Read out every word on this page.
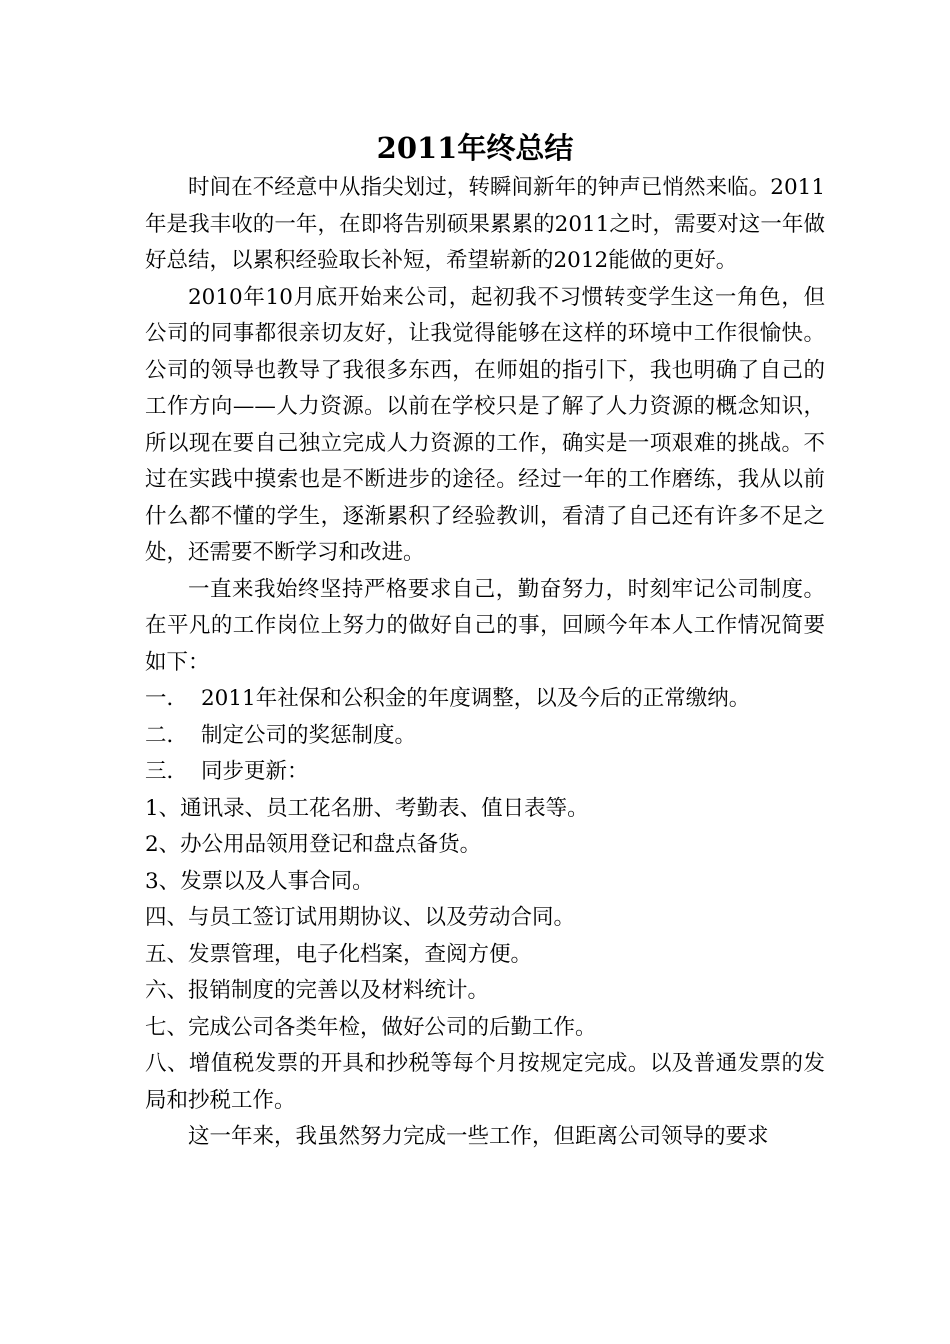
2011年终总结

时间在不经意中从指尖划过，转瞬间新年的钟声已悄然来临。2011年是我丰收的一年，在即将告别硕果累累的2011之时，需要对这一年做好总结，以累积经验取长补短，希望崭新的2012能做的更好。

2010年10月底开始来公司，起初我不习惯转变学生这一角色，但公司的同事都很亲切友好，让我觉得能够在这样的环境中工作很愉快。公司的领导也教导了我很多东西，在师姐的指引下，我也明确了自己的工作方向——人力资源。以前在学校只是了解了人力资源的概念知识，所以现在要自己独立完成人力资源的工作，确实是一项艰难的挑战。不过在实践中摸索也是不断进步的途径。经过一年的工作磨练，我从以前什么都不懂的学生，逐渐累积了经验教训，看清了自己还有许多不足之处，还需要不断学习和改进。

一直来我始终坚持严格要求自己，勤奋努力，时刻牢记公司制度。在平凡的工作岗位上努力的做好自己的事，回顾今年本人工作情况简要如下：

一． 2011年社保和公积金的年度调整，以及今后的正常缴纳。

二． 制定公司的奖惩制度。

三． 同步更新：

1、通讯录、员工花名册、考勤表、值日表等。

2、办公用品领用登记和盘点备货。

3、发票以及人事合同。

四、与员工签订试用期协议、以及劳动合同。

五、发票管理，电子化档案，查阅方便。

六、报销制度的完善以及材料统计。

七、完成公司各类年检，做好公司的后勤工作。

八、增值税发票的开具和抄税等每个月按规定完成。以及普通发票的发局和抄税工作。

这一年来，我虽然努力完成一些工作，但距离公司领导的要求
